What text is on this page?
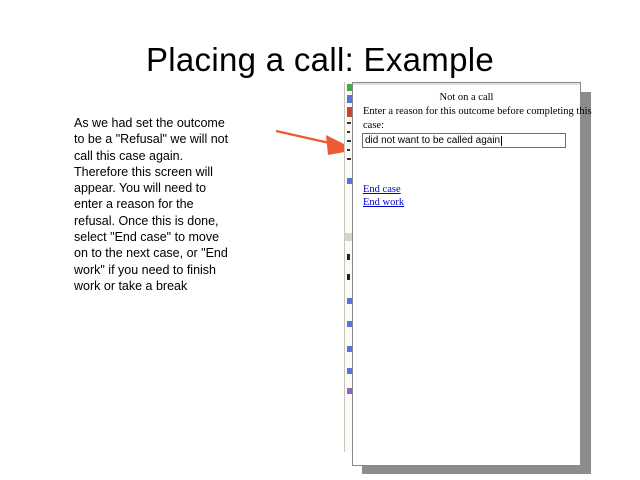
Placing a call: Example
As we had set the outcome
to be a "Refusal" we will not
call this case again.
Therefore this screen will
appear. You will need to
enter a reason for the
refusal. Once this is done,
select "End case" to move
on to the next case, or "End
work" if you need to finish
work or take a break
Not on a call
Enter a reason for this outcome before completing this
case:
did not want to be called again
End case
End work
